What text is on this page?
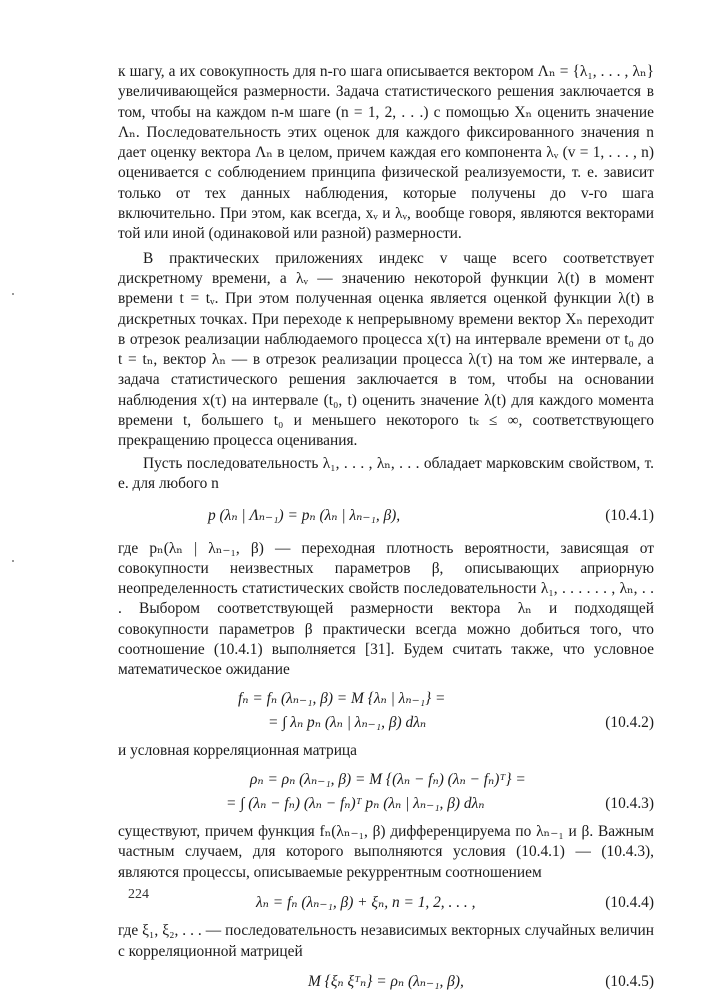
к шагу, а их совокупность для n-го шага описывается вектором Λₙ = {λ₁, . . . , λₙ} увеличивающейся размерности. Задача статистического решения заключается в том, чтобы на каждом n-м шаге (n = 1, 2, . . .) с помощью Xₙ оценить значение Λₙ. Последовательность этих оценок для каждого фиксированного значения n дает оценку вектора Λₙ в целом, причем каждая его компонента λᵥ (v = 1, . . . , n) оценивается с соблюдением принципа физической реализуемости, т. е. зависит только от тех данных наблюдения, которые получены до v-го шага включительно. При этом, как всегда, xᵥ и λᵥ, вообще говоря, являются векторами той или иной (одинаковой или разной) размерности.

В практических приложениях индекс v чаще всего соответствует дискретному времени, а λᵥ — значению некоторой функции λ(t) в момент времени t = tᵥ. При этом полученная оценка является оценкой функции λ(t) в дискретных точках. При переходе к непрерывному времени вектор Xₙ переходит в отрезок реализации наблюдаемого процесса x(τ) на интервале времени от t₀ до t = tₙ, вектор λₙ — в отрезок реализации процесса λ(τ) на том же интервале, а задача статистического решения заключается в том, чтобы на основании наблюдения x(τ) на интервале (t₀, t) оценить значение λ(t) для каждого момента времени t, большего t₀ и меньшего некоторого tₖ ≤ ∞, соответствующего прекращению процесса оценивания.

Пусть последовательность λ₁, . . . , λₙ, . . . обладает марковским свойством, т. е. для любого n

p (λₙ | Λₙ₋₁) = pₙ (λₙ | λₙ₋₁, β),	(10.4.1)

где pₙ(λₙ | λₙ₋₁, β) — переходная плотность вероятности, зависящая от совокупности неизвестных параметров β, описывающих априорную неопределенность статистических свойств последовательности λ₁, . . . . . . , λₙ, . . . Выбором соответствующей размерности вектора λₙ и подходящей совокупности параметров β практически всегда можно добиться того, что соотношение (10.4.1) выполняется [31]. Будем считать также, что условное математическое ожидание

fₙ = fₙ (λₙ₋₁, β) = M {λₙ | λₙ₋₁} =
= ∫ λₙ pₙ (λₙ | λₙ₋₁, β) dλₙ	(10.4.2)

и условная корреляционная матрица

ρₙ = ρₙ (λₙ₋₁, β) = M {(λₙ − fₙ) (λₙ − fₙ)ᵀ} =
= ∫ (λₙ − fₙ) (λₙ − fₙ)ᵀ pₙ (λₙ | λₙ₋₁, β) dλₙ	(10.4.3)

существуют, причем функция fₙ(λₙ₋₁, β) дифференцируема по λₙ₋₁ и β. Важным частным случаем, для которого выполняются условия (10.4.1) — (10.4.3), являются процессы, описываемые рекуррентным соотношением

λₙ = fₙ (λₙ₋₁, β) + ξₙ, n = 1, 2, . . . ,	(10.4.4)

где ξ₁, ξ₂, . . . — последовательность независимых векторных случайных величин с корреляционной матрицей

M {ξₙ ξᵀₙ} = ρₙ (λₙ₋₁, β),	(10.4.5)
224
